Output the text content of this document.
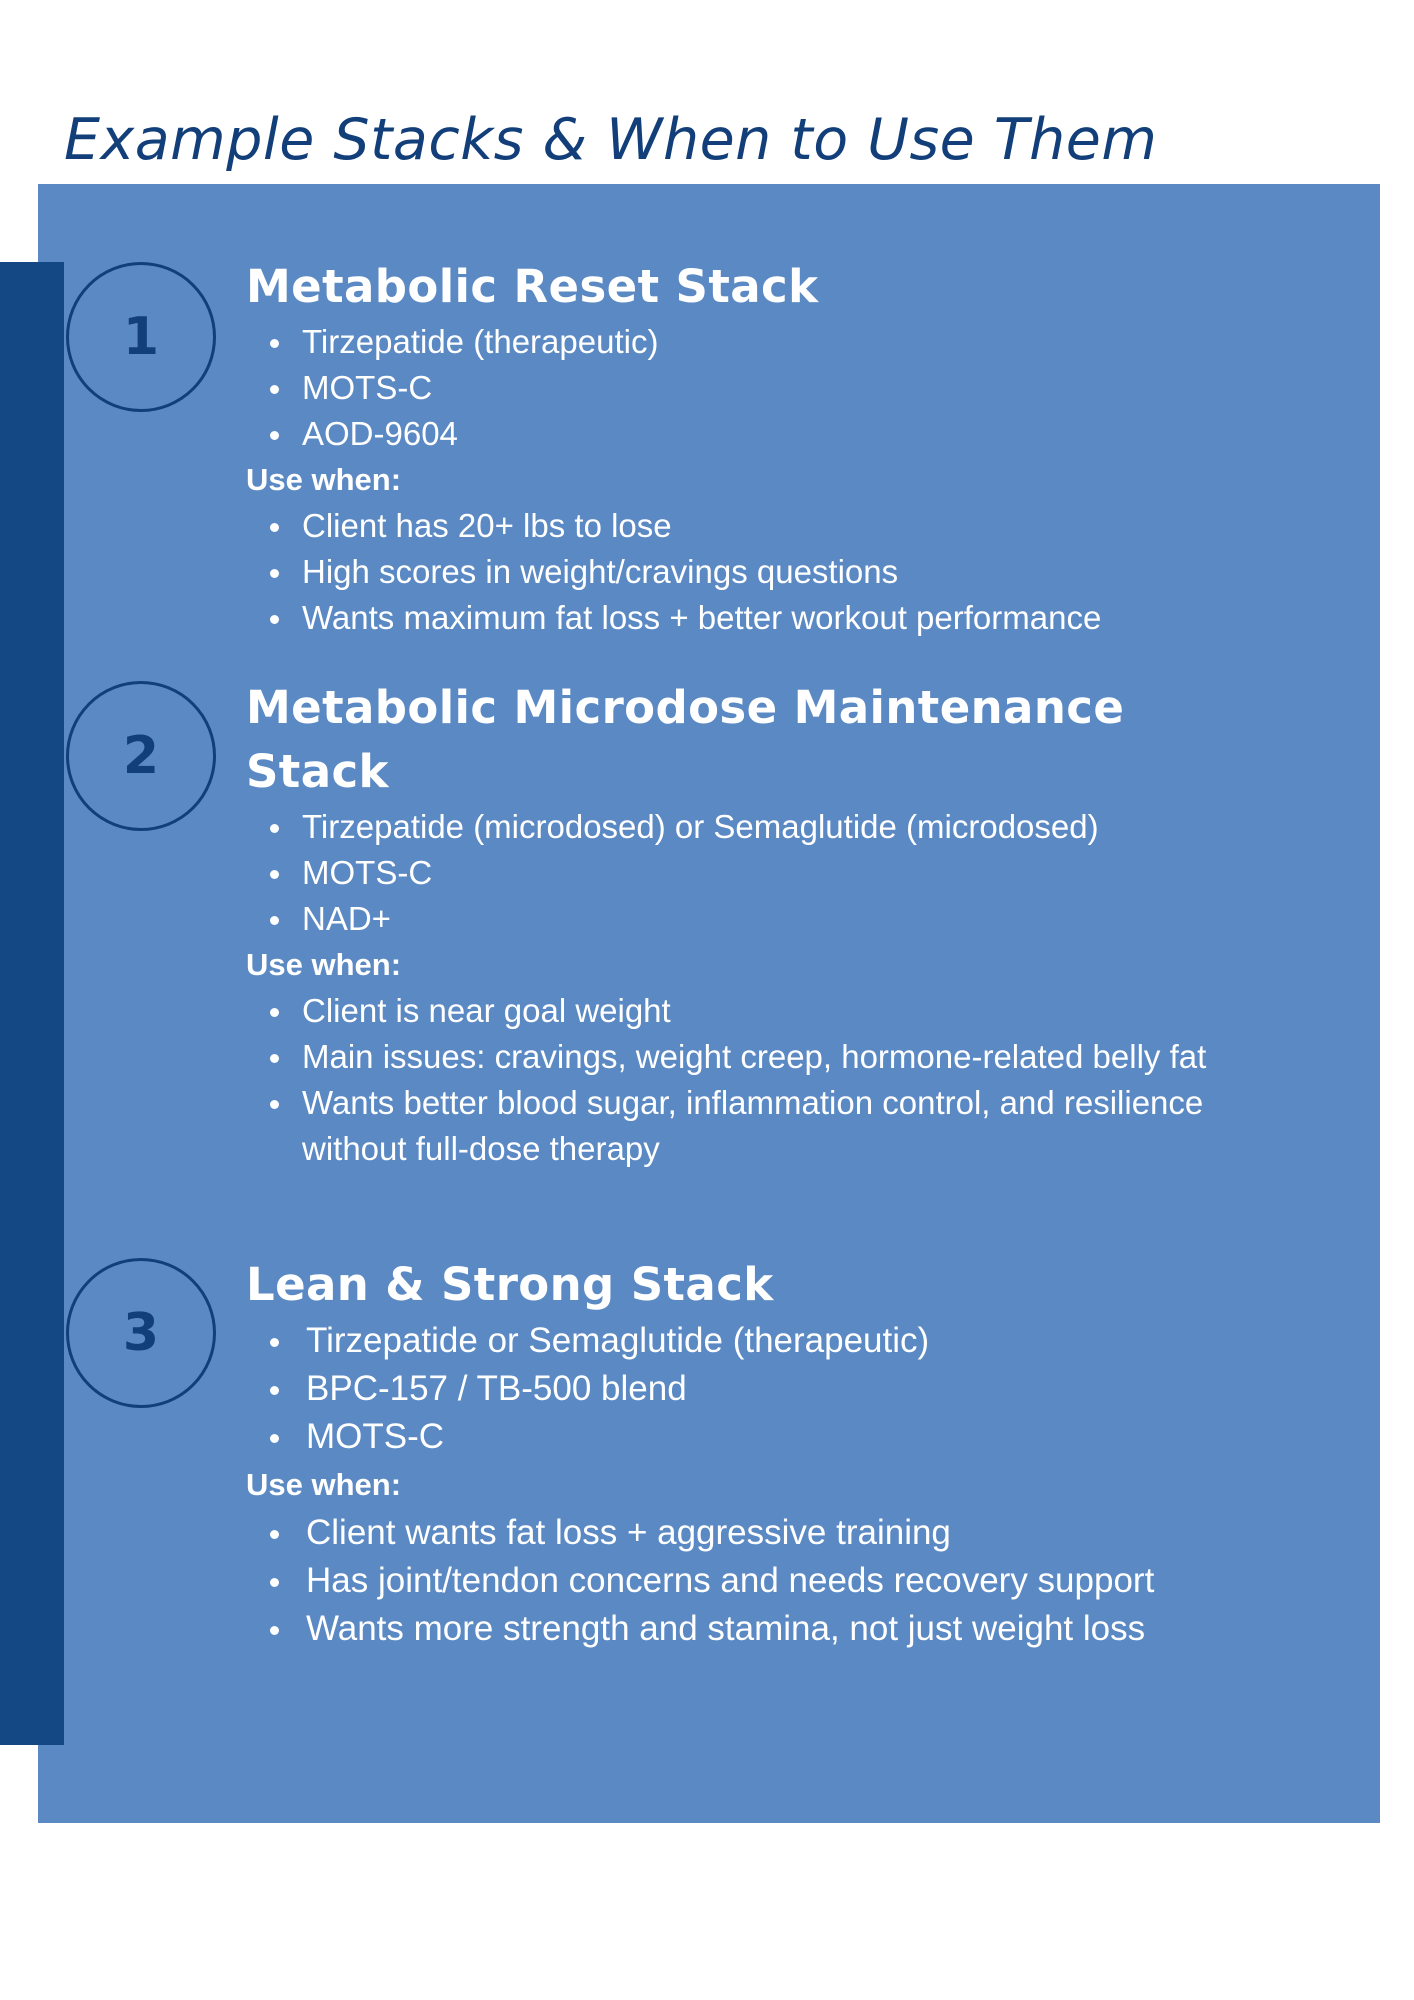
Example Stacks & When to Use Them
1
Metabolic Reset Stack
Tirzepatide (therapeutic)
MOTS-C
AOD-9604
Use when:
Client has 20+ lbs to lose
High scores in weight/cravings questions
Wants maximum fat loss + better workout performance
2
Metabolic Microdose Maintenance
Stack
Tirzepatide (microdosed) or Semaglutide (microdosed)
MOTS-C
NAD+
Use when:
Client is near goal weight
Main issues: cravings, weight creep, hormone-related belly fat
Wants better blood sugar, inflammation control, and resilience without full-dose therapy
3
Lean & Strong Stack
Tirzepatide or Semaglutide (therapeutic)
BPC-157 / TB-500 blend
MOTS-C
Use when:
Client wants fat loss + aggressive training
Has joint/tendon concerns and needs recovery support
Wants more strength and stamina, not just weight loss
